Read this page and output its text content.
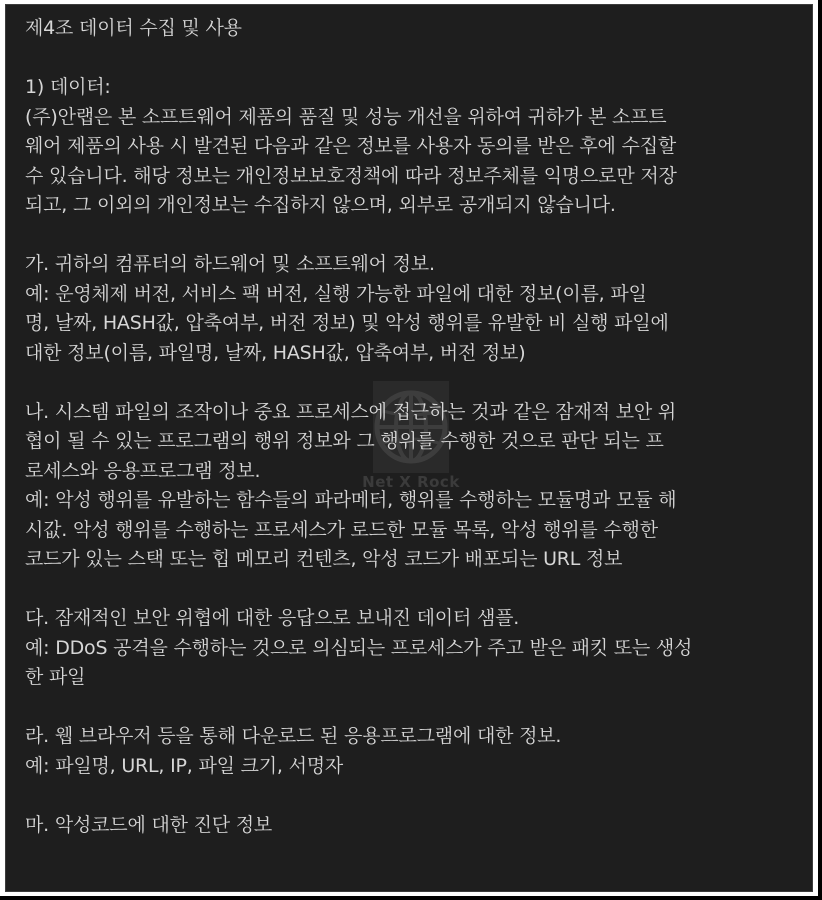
제4조 데이터 수집 및 사용
1) 데이터:
(주)안랩은 본 소프트웨어 제품의 품질 및 성능 개선을 위하여 귀하가 본 소프트
웨어 제품의 사용 시 발견된 다음과 같은 정보를 사용자 동의를 받은 후에 수집할
수 있습니다. 해당 정보는 개인정보보호정책에 따라 정보주체를 익명으로만 저장
되고, 그 이외의 개인정보는 수집하지 않으며, 외부로 공개되지 않습니다.
가. 귀하의 컴퓨터의 하드웨어 및 소프트웨어 정보.
예: 운영체제 버전, 서비스 팩 버전, 실행 가능한 파일에 대한 정보(이름, 파일
명, 날짜, HASH값, 압축여부, 버전 정보) 및 악성 행위를 유발한 비 실행 파일에
대한 정보(이름, 파일명, 날짜, HASH값, 압축여부, 버전 정보)
나. 시스템 파일의 조작이나 중요 프로세스에 접근하는 것과 같은 잠재적 보안 위
협이 될 수 있는 프로그램의 행위 정보와 그 행위를 수행한 것으로 판단 되는 프
로세스와 응용프로그램 정보.
예: 악성 행위를 유발하는 함수들의 파라메터, 행위를 수행하는 모듈명과 모듈 해
시값. 악성 행위를 수행하는 프로세스가 로드한 모듈 목록, 악성 행위를 수행한
코드가 있는 스택 또는 힙 메모리 컨텐츠, 악성 코드가 배포되는 URL 정보
다. 잠재적인 보안 위협에 대한 응답으로 보내진 데이터 샘플.
예: DDoS 공격을 수행하는 것으로 의심되는 프로세스가 주고 받은 패킷 또는 생성
한 파일
라. 웹 브라우저 등을 통해 다운로드 된 응용프로그램에 대한 정보.
예: 파일명, URL, IP, 파일 크기, 서명자
마. 악성코드에 대한 진단 정보
Net X Rock
